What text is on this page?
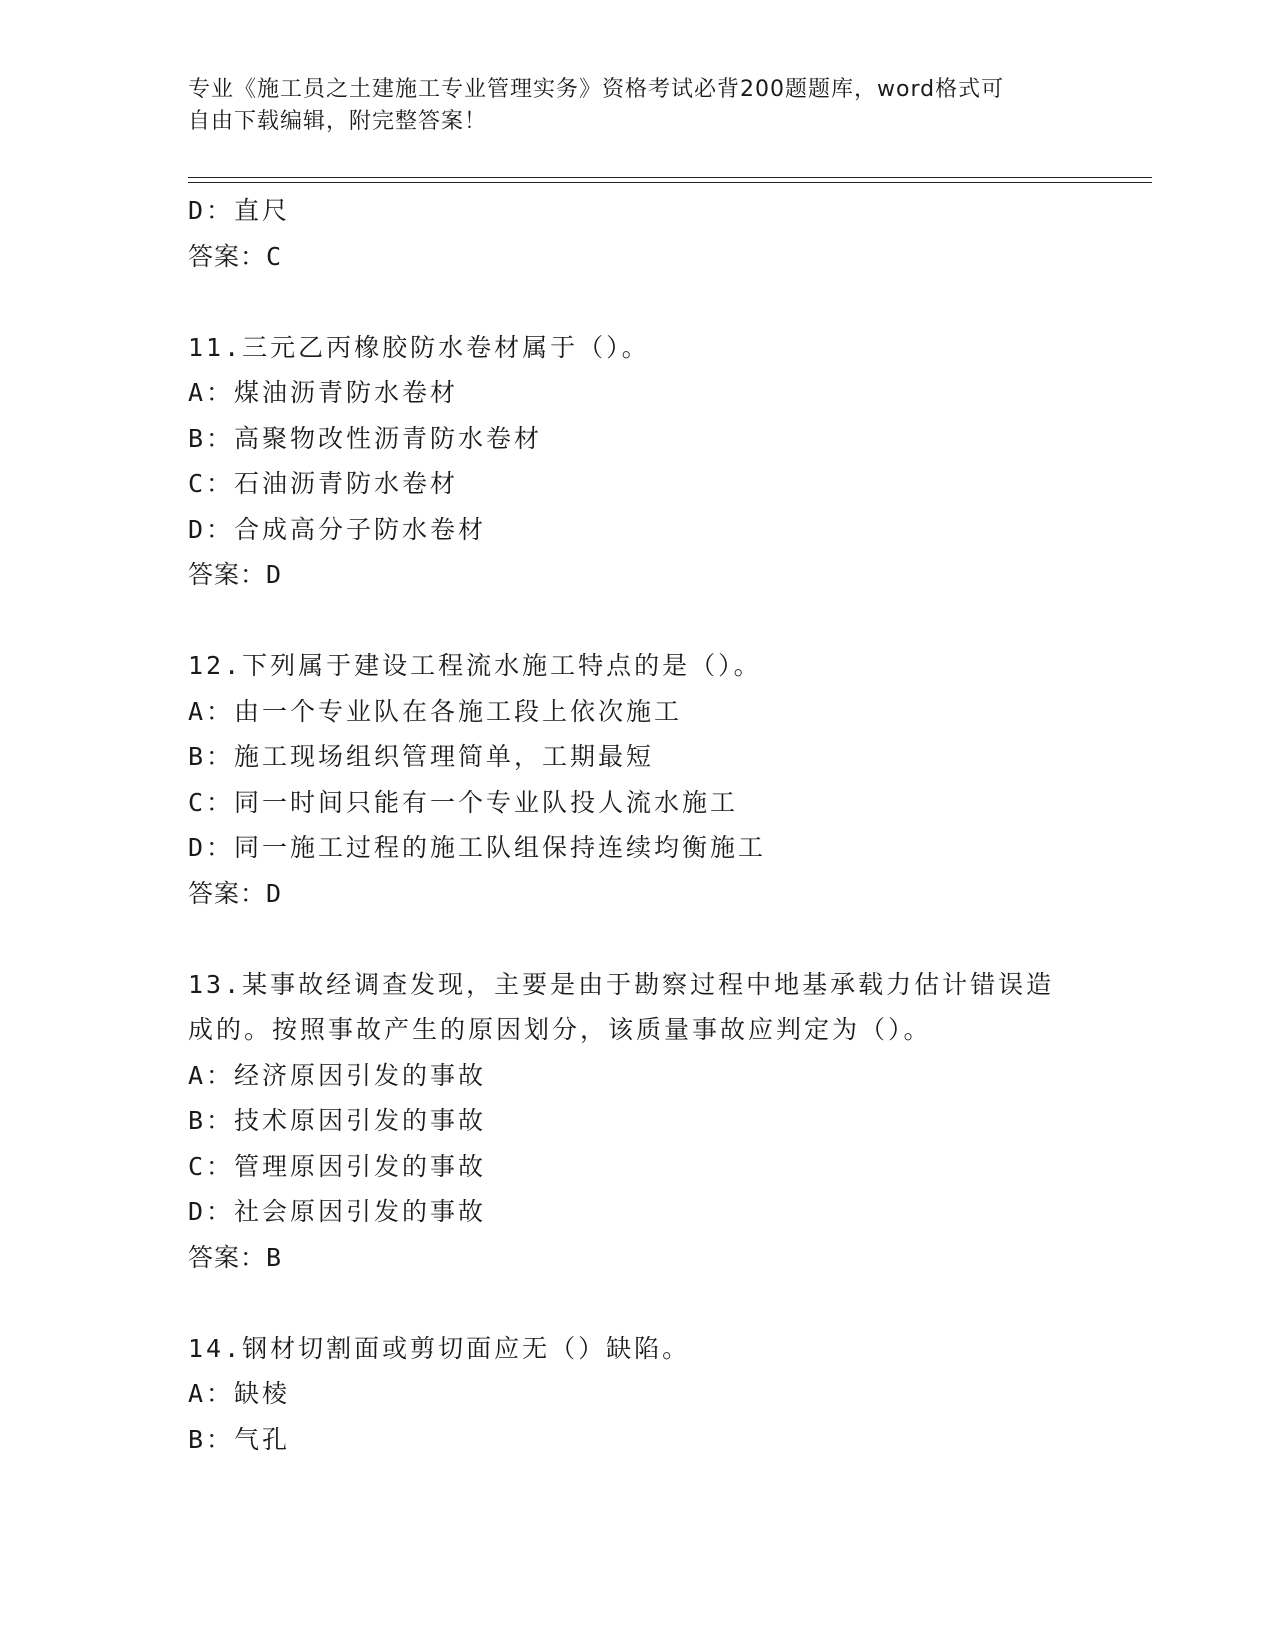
专业《施工员之土建施工专业管理实务》资格考试必背200题题库，word格式可
自由下载编辑，附完整答案！
D：直尺
答案：C
11.三元乙丙橡胶防水卷材属于（）。
A：煤油沥青防水卷材
B：高聚物改性沥青防水卷材
C：石油沥青防水卷材
D：合成高分子防水卷材
答案：D
12.下列属于建设工程流水施工特点的是（）。
A：由一个专业队在各施工段上依次施工
B：施工现场组织管理简单，工期最短
C：同一时间只能有一个专业队投人流水施工
D：同一施工过程的施工队组保持连续均衡施工
答案：D
13.某事故经调查发现，主要是由于勘察过程中地基承载力估计错误造
成的。按照事故产生的原因划分，该质量事故应判定为（）。
A：经济原因引发的事故
B：技术原因引发的事故
C：管理原因引发的事故
D：社会原因引发的事故
答案：B
14.钢材切割面或剪切面应无（）缺陷。
A：缺棱
B：气孔
